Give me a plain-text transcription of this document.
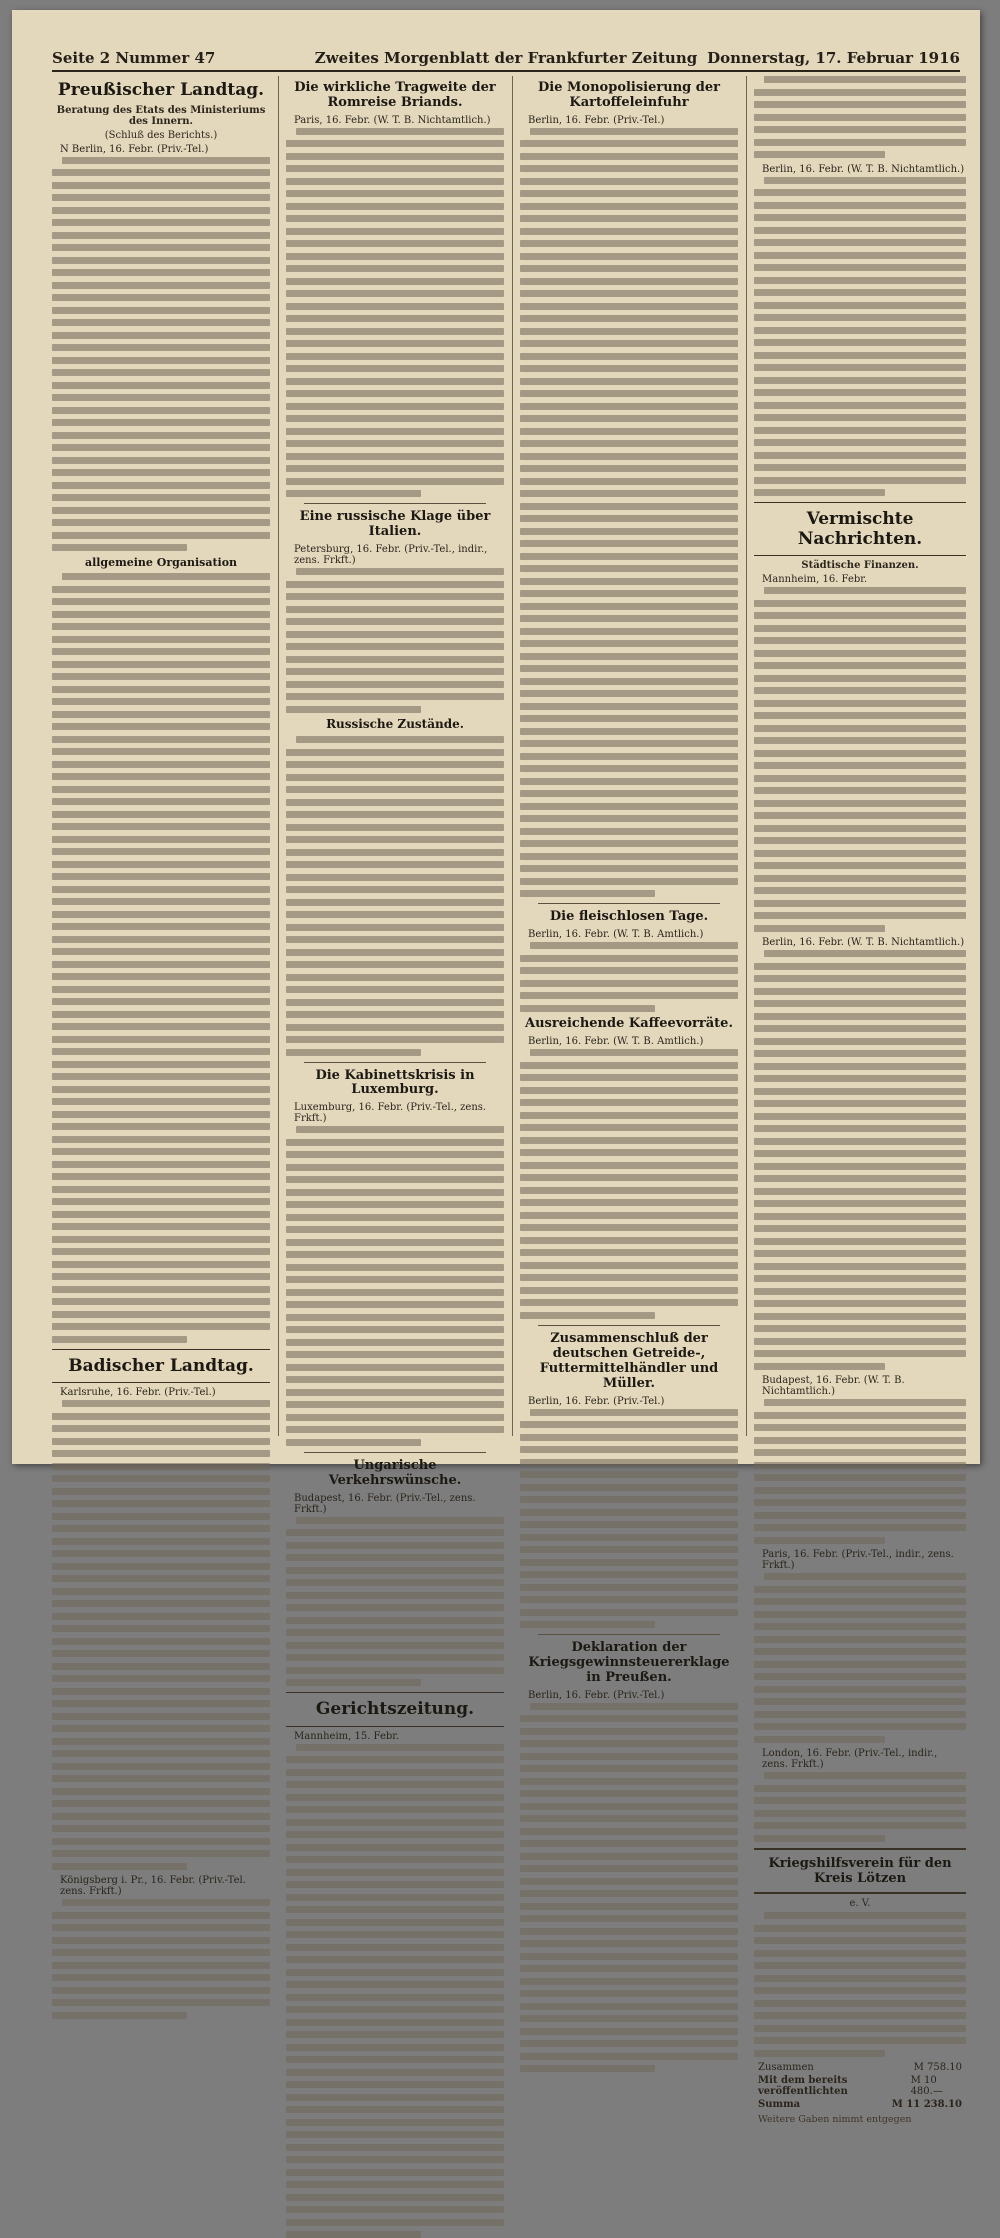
Seite 2 Nummer 47	Zweites Morgenblatt der Frankfurter Zeitung Donnerstag, 17. Februar 1916
Preußischer Landtag.
Beratung des Etats des Ministeriums des Innern.
(Schluß des Berichts.)
N Berlin, 16. Febr. (Priv.-Tel.)
allgemeine Organisation
Badischer Landtag.
Karlsruhe, 16. Febr. (Priv.-Tel.)
Königsberg i. Pr., 16. Febr. (Priv.-Tel. zens. Frkft.)
Die wirkliche Tragweite der Romreise Briands.
Paris, 16. Febr. (W. T. B. Nichtamtlich.)
Eine russische Klage über Italien.
Petersburg, 16. Febr. (Priv.-Tel., indir., zens. Frkft.)
Russische Zustände.
Die Kabinettskrisis in Luxemburg.
Luxemburg, 16. Febr. (Priv.-Tel., zens. Frkft.)
Ungarische Verkehrswünsche.
Budapest, 16. Febr. (Priv.-Tel., zens. Frkft.)
Gerichtszeitung.
Mannheim, 15. Febr.
Die Monopolisierung der Kartoffeleinfuhr
Berlin, 16. Febr. (Priv.-Tel.)
Die fleischlosen Tage.
Berlin, 16. Febr. (W. T. B. Amtlich.)
Ausreichende Kaffeevorräte.
Berlin, 16. Febr. (W. T. B. Amtlich.)
Zusammenschluß der deutschen Getreide-, Futtermittelhändler und Müller.
Berlin, 16. Febr. (Priv.-Tel.)
Deklaration der Kriegsgewinnsteuererklage in Preußen.
Berlin, 16. Febr. (Priv.-Tel.)
Berlin, 16. Febr. (W. T. B. Nichtamtlich.)
Vermischte Nachrichten.
Städtische Finanzen.
Mannheim, 16. Febr.
Berlin, 16. Febr. (W. T. B. Nichtamtlich.)
Budapest, 16. Febr. (W. T. B. Nichtamtlich.)
Paris, 16. Febr. (Priv.-Tel., indir., zens. Frkft.)
London, 16. Febr. (Priv.-Tel., indir., zens. Frkft.)
Kriegshilfsverein für den Kreis Lötzen
e. V.
Zusammen	M 758.10
Mit dem bereits veröffentlichten
M 10 480.—
Summa	M 11 238.10
Weitere Gaben nimmt entgegen
